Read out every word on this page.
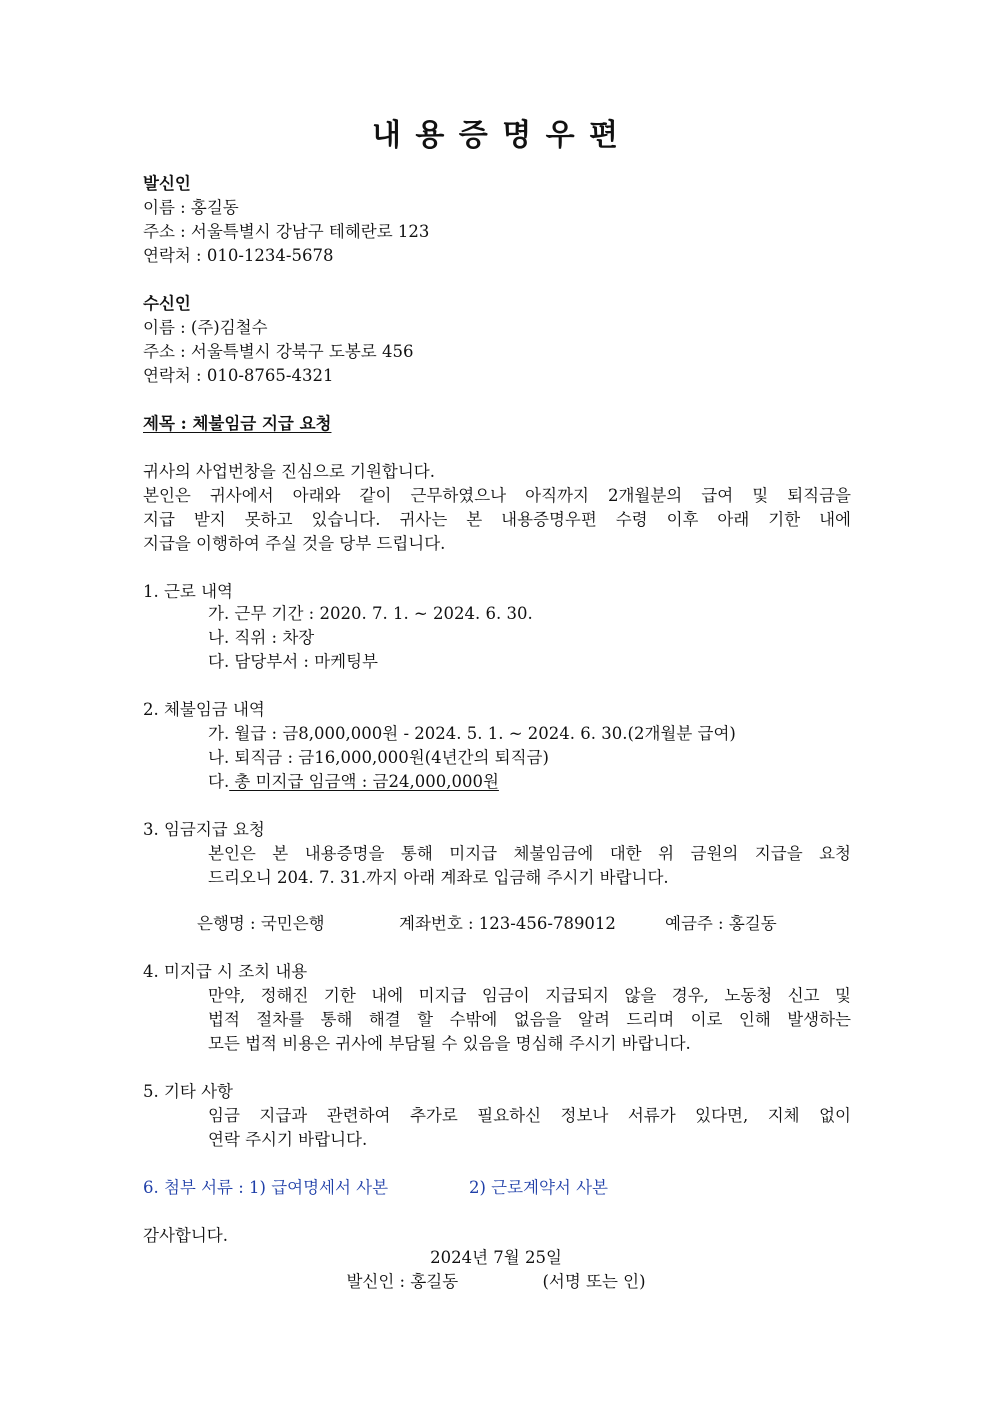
내 용 증 명 우 편
발신인
이름 : 홍길동
주소 : 서울특별시 강남구 테헤란로 123
연락처 : 010-1234-5678
수신인
이름 : (주)김철수
주소 : 서울특별시 강북구 도봉로 456
연락처 : 010-8765-4321
제목 : 체불임금 지급 요청
귀사의 사업번창을 진심으로 기원합니다.
본인은 귀사에서 아래와 같이 근무하였으나 아직까지 2개월분의 급여 및 퇴직금을
지급 받지 못하고 있습니다. 귀사는 본 내용증명우편 수령 이후 아래 기한 내에
지급을 이행하여 주실 것을 당부 드립니다.
1. 근로 내역
가. 근무 기간 : 2020. 7. 1. ~ 2024. 6. 30.
나. 직위 : 차장
다. 담당부서 : 마케팅부
2. 체불임금 내역
가. 월급 : 금8,000,000원 - 2024. 5. 1. ~ 2024. 6. 30.(2개월분 급여)
나. 퇴직금 : 금16,000,000원(4년간의 퇴직금)
다. 총 미지급 임금액 : 금24,000,000원
3. 임금지급 요청
본인은 본 내용증명을 통해 미지급 체불임금에 대한 위 금원의 지급을 요청
드리오니 204. 7. 31.까지 아래 계좌로 입금해 주시기 바랍니다.
은행명 : 국민은행	계좌번호 : 123-456-789012	예금주 : 홍길동
4. 미지급 시 조치 내용
만약, 정해진 기한 내에 미지급 임금이 지급되지 않을 경우, 노동청 신고 및
법적 절차를 통해 해결 할 수밖에 없음을 알려 드리며 이로 인해 발생하는
모든 법적 비용은 귀사에 부담될 수 있음을 명심해 주시기 바랍니다.
5. 기타 사항
임금 지급과 관련하여 추가로 필요하신 정보나 서류가 있다면, 지체 없이
연락 주시기 바랍니다.
6. 첨부 서류 : 1) 급여명세서 사본	2) 근로계약서 사본
감사합니다.
2024년 7월 25일
발신인 : 홍길동	(서명 또는 인)
